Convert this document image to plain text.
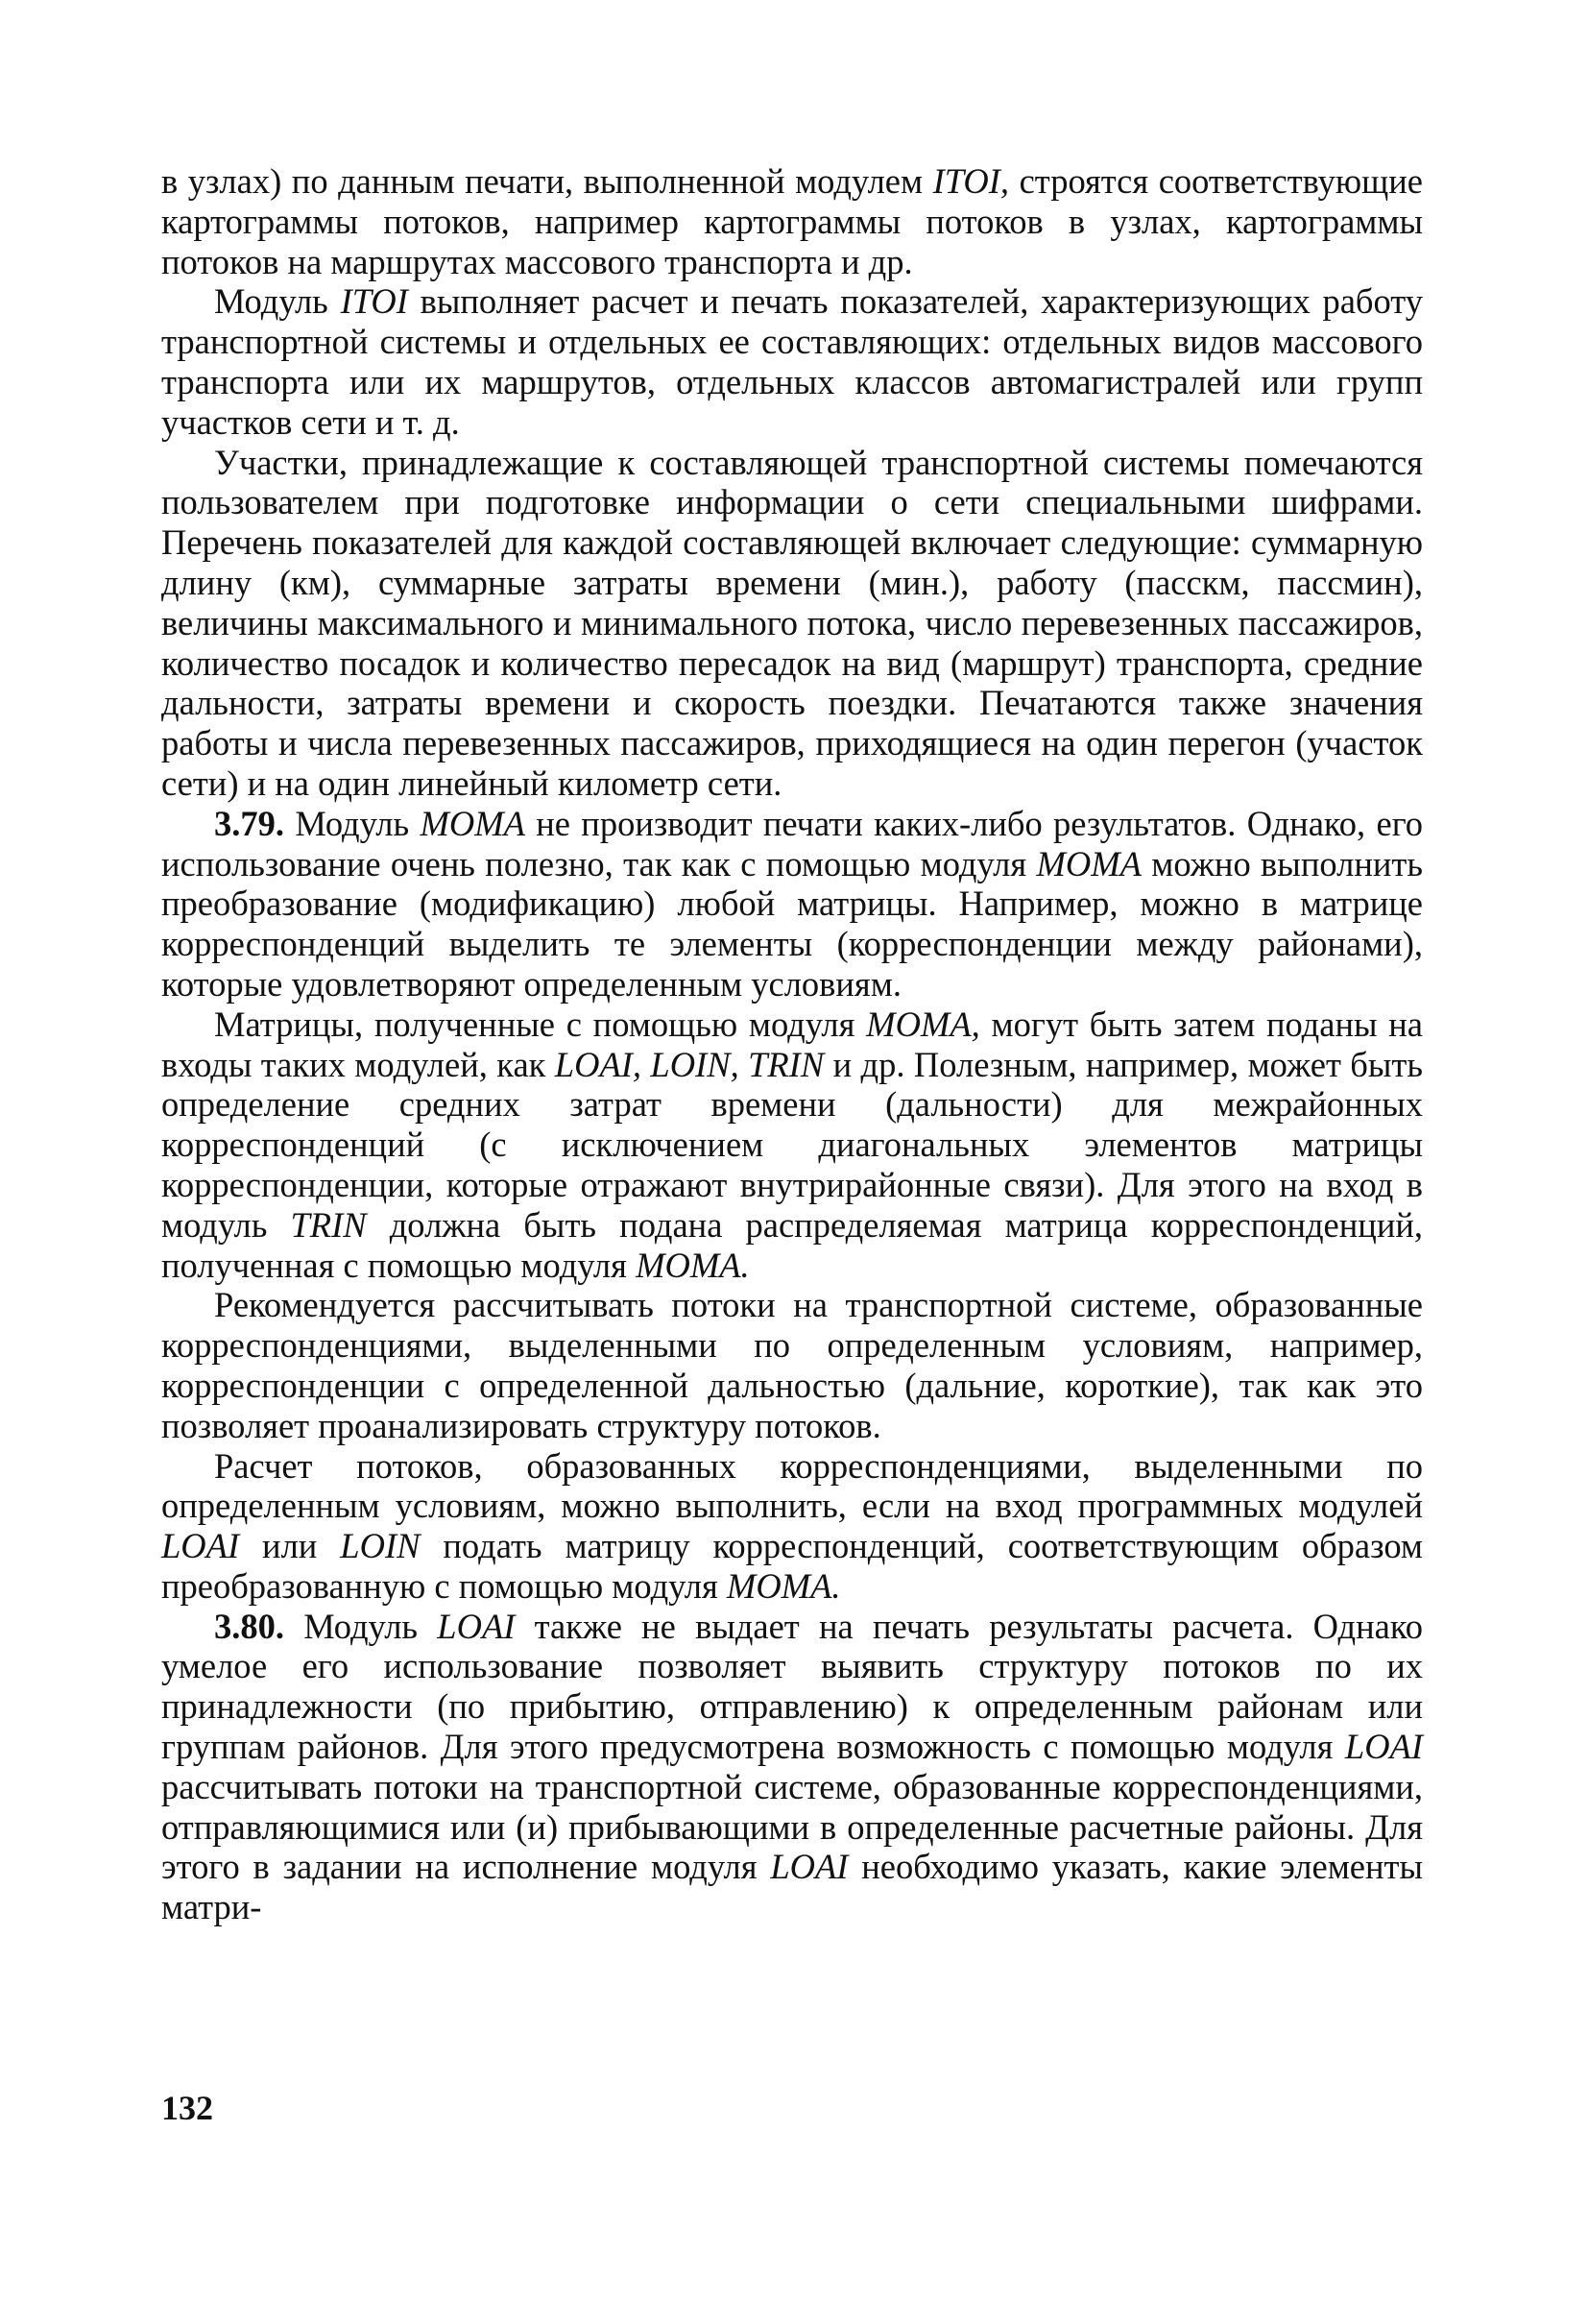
в узлах) по данным печати, выполненной модулем ITOI, строятся соответствующие картограммы потоков, например картограммы потоков в узлах, картограммы потоков на маршрутах массового транспорта и др.

Модуль ITOI выполняет расчет и печать показателей, характеризующих работу транспортной системы и отдельных ее составляющих: отдельных видов массового транспорта или их маршрутов, отдельных классов автомагистралей или групп участков сети и т. д.

Участки, принадлежащие к составляющей транспортной системы помечаются пользователем при подготовке информации о сети специальными шифрами. Перечень показателей для каждой составляющей включает следующие: суммарную длину (км), суммарные затраты времени (мин.), работу (пасскм, пассмин), величины максимального и минимального потока, число перевезенных пассажиров, количество посадок и количество пересадок на вид (маршрут) транспорта, средние дальности, затраты времени и скорость поездки. Печатаются также значения работы и числа перевезенных пассажиров, приходящиеся на один перегон (участок сети) и на один линейный километр сети.

3.79. Модуль MOMA не производит печати каких-либо результатов. Однако, его использование очень полезно, так как с помощью модуля MOMA можно выполнить преобразование (модификацию) любой матрицы. Например, можно в матрице корреспонденций выделить те элементы (корреспонденции между районами), которые удовлетворяют определенным условиям.

Матрицы, полученные с помощью модуля MOMA, могут быть затем поданы на входы таких модулей, как LOAI, LOIN, TRIN и др. Полезным, например, может быть определение средних затрат времени (дальности) для межрайонных корреспонденций (с исключением диагональных элементов матрицы корреспонденции, которые отражают внутрирайонные связи). Для этого на вход в модуль TRIN должна быть подана распределяемая матрица корреспонденций, полученная с помощью модуля MOMA.

Рекомендуется рассчитывать потоки на транспортной системе, образованные корреспонденциями, выделенными по определенным условиям, например, корреспонденции с определенной дальностью (дальние, короткие), так как это позволяет проанализировать структуру потоков.

Расчет потоков, образованных корреспонденциями, выделенными по определенным условиям, можно выполнить, если на вход программных модулей LOAI или LOIN подать матрицу корреспонденций, соответствующим образом преобразованную с помощью модуля MOMA.

3.80. Модуль LOAI также не выдает на печать результаты расчета. Однако умелое его использование позволяет выявить структуру потоков по их принадлежности (по прибытию, отправлению) к определенным районам или группам районов. Для этого предусмотрена возможность с помощью модуля LOAI рассчитывать потоки на транспортной системе, образованные корреспонденциями, отправляющимися или (и) прибывающими в определенные расчетные районы. Для этого в задании на исполнение модуля LOAI необходимо указать, какие элементы матри-

132
